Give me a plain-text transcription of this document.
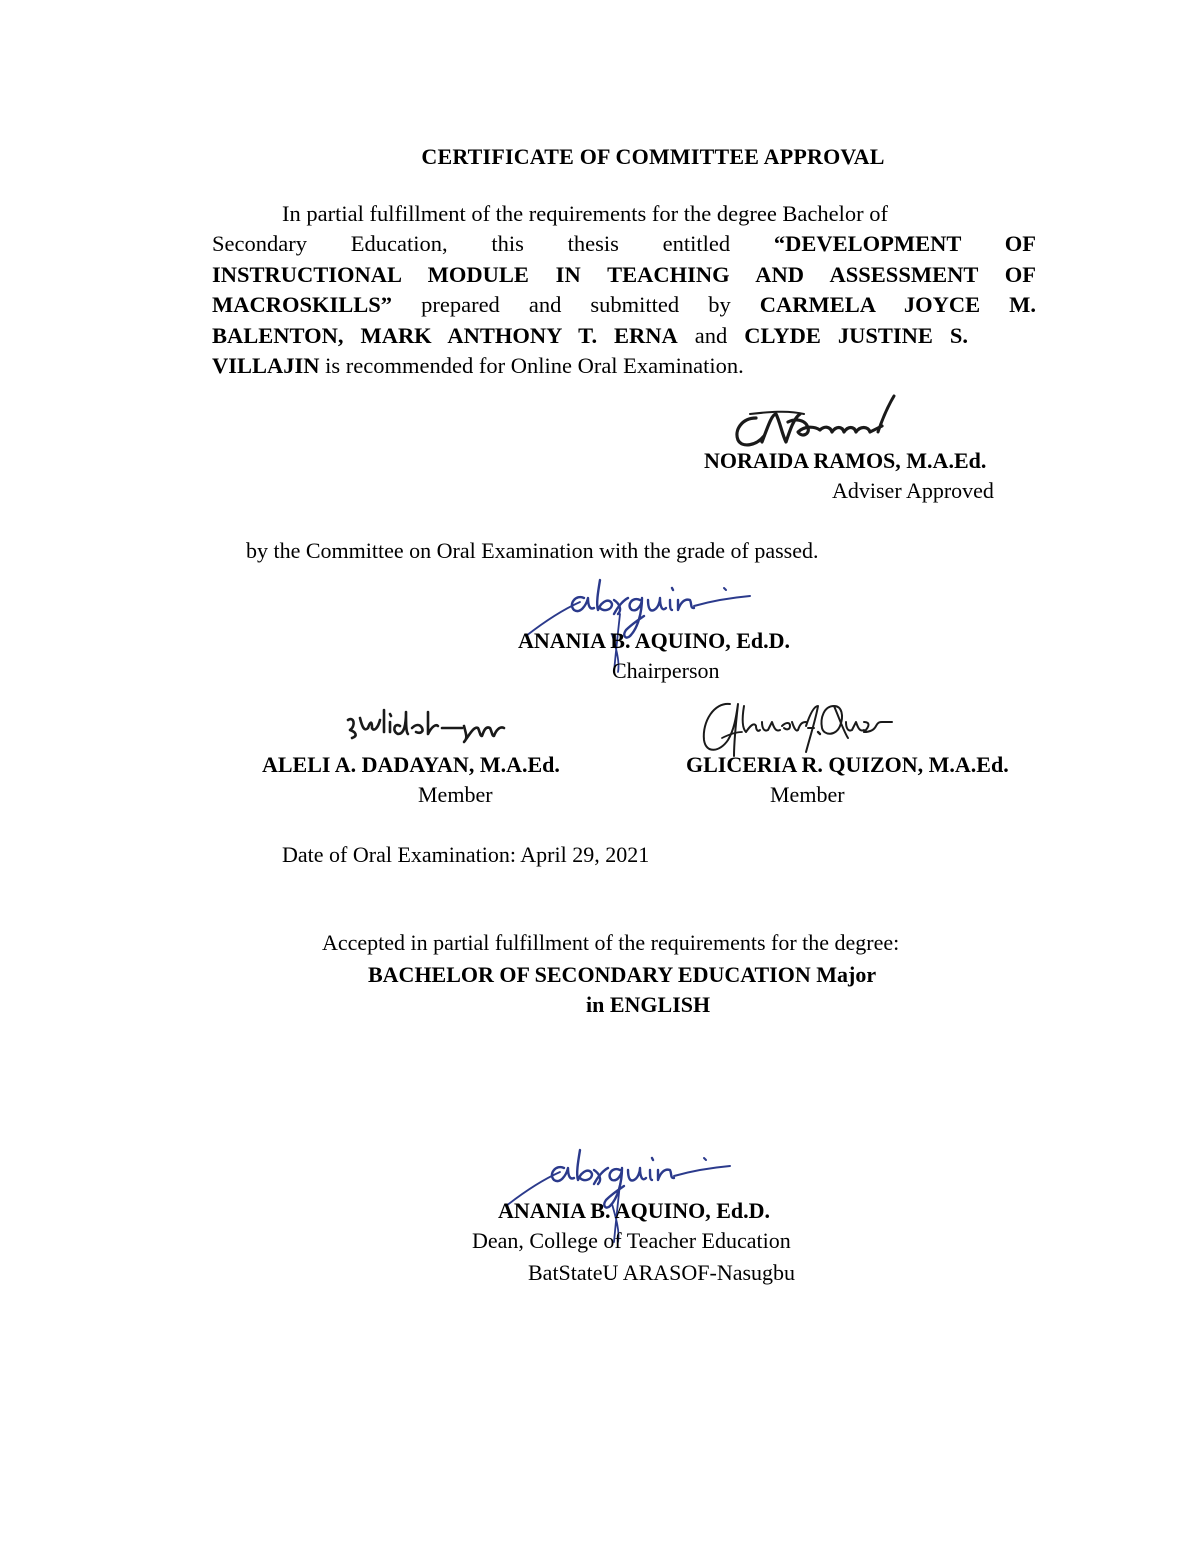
CERTIFICATE OF COMMITTEE APPROVAL
In partial fulfillment of the requirements for the degree Bachelor of
Secondary Education, this thesis entitled “DEVELOPMENT OF
INSTRUCTIONAL MODULE IN TEACHING AND ASSESSMENT OF
MACROSKILLS” prepared and submitted by CARMELA JOYCE M.
BALENTON, MARK ANTHONY T. ERNA and CLYDE JUSTINE S.
VILLAJIN is recommended for Online Oral Examination.
NORAIDA RAMOS, M.A.Ed.
Adviser Approved
by the Committee on Oral Examination with the grade of passed.
ANANIA B. AQUINO, Ed.D.
Chairperson
ALELI A. DADAYAN, M.A.Ed.
Member
GLICERIA R. QUIZON, M.A.Ed.
Member
Date of Oral Examination: April 29, 2021
Accepted in partial fulfillment of the requirements for the degree:
BACHELOR OF SECONDARY EDUCATION Major
in ENGLISH
ANANIA B. AQUINO, Ed.D.
Dean, College of Teacher Education
BatStateU ARASOF-Nasugbu
